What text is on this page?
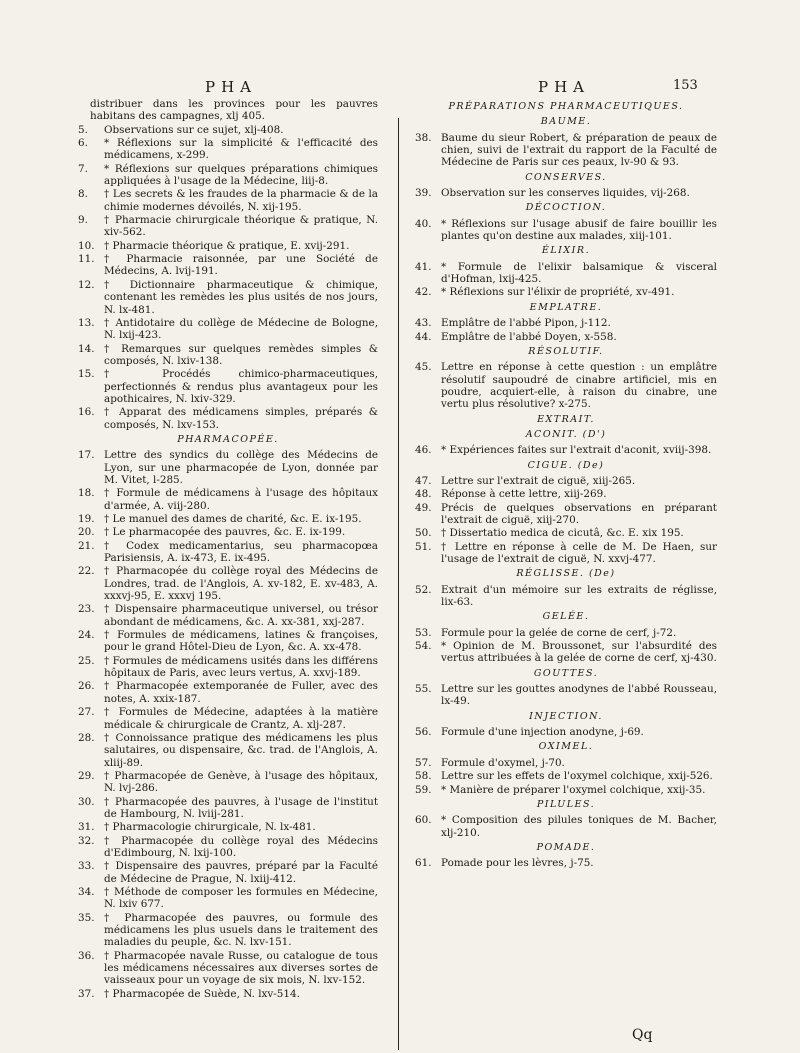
PHA	PHA	153
distribuer dans les provinces pour les pauvres habitans des campagnes, xlj 405.
5. Observations sur ce sujet, xlj-408.
6. * Réflexions sur la simplicité & l'efficacité des médicamens, x-299.
7. * Réflexions sur quelques préparations chimiques appliquées à l'usage de la Médecine, liij-8.
8. † Les secrets & les fraudes de la pharmacie & de la chimie modernes dévoilés, N. xij-195.
9. † Pharmacie chirurgicale théorique & pratique, N. xiv-562.
10. † Pharmacie théorique & pratique, E. xvij-291.
11. † Pharmacie raisonnée, par une Société de Médecins, A. lvij-191.
12. † Dictionnaire pharmaceutique & chimique, contenant les remèdes les plus usités de nos jours, N. lx-481.
13. † Antidotaire du collège de Médecine de Bologne, N. lxij-423.
14. † Remarques sur quelques remèdes simples & composés, N. lxiv-138.
15. † Procédés chimico-pharmaceutiques, perfectionnés & rendus plus avantageux pour les apothicaires, N. lxiv-329.
16. † Apparat des médicamens simples, préparés & composés, N. lxv-153.
PHARMACOPÉE.
17. Lettre des syndics du collège des Médecins de Lyon, sur une pharmacopée de Lyon, donnée par M. Vitet, l-285.
18. † Formule de médicamens à l'usage des hôpitaux d'armée, A. viij-280.
19. † Le manuel des dames de charité, &c. E. ix-195.
20. † Le pharmacopée des pauvres, &c. E. ix-199.
21. † Codex medicamentarius, seu pharmacopœa Parisiensis, A. ix-473, E. ix-495.
22. † Pharmacopée du collège royal des Médecins de Londres, trad. de l'Anglois, A. xv-182, E. xv-483, A. xxxvj-95, E. xxxvj 195.
23. † Dispensaire pharmaceutique universel, ou trésor abondant de médicamens, &c. A. xx-381, xxj-287.
24. † Formules de médicamens, latines & françoises, pour le grand Hôtel-Dieu de Lyon, &c. A. xx-478.
25. † Formules de médicamens usités dans les différens hôpitaux de Paris, avec leurs vertus, A. xxvj-189.
26. † Pharmacopée extemporanée de Fuller, avec des notes, A. xxix-187.
27. † Formules de Médecine, adaptées à la matière médicale & chirurgicale de Crantz, A. xlj-287.
28. † Connoissance pratique des médicamens les plus salutaires, ou dispensaire, &c. trad. de l'Anglois, A. xliij-89.
29. † Pharmacopée de Genève, à l'usage des hôpitaux, N. lvj-286.
30. † Pharmacopée des pauvres, à l'usage de l'institut de Hambourg, N. lviij-281.
31. † Pharmacologie chirurgicale, N. lx-481.
32. † Pharmacopée du collège royal des Médecins d'Edimbourg, N. lxij-100.
33. † Dispensaire des pauvres, préparé par la Faculté de Médecine de Prague, N. lxiij-412.
34. † Méthode de composer les formules en Médecine, N. lxiv 677.
35. † Pharmacopée des pauvres, ou formule des médicamens les plus usuels dans le traitement des maladies du peuple, &c. N. lxv-151.
36. † Pharmacopée navale Russe, ou catalogue de tous les médicamens nécessaires aux diverses sortes de vaisseaux pour un voyage de six mois, N. lxv-152.
37. † Pharmacopée de Suède, N. lxv-514.
PRÉPARATIONS PHARMACEUTIQUES.
BAUME.
38. Baume du sieur Robert, & préparation de peaux de chien, suivi de l'extrait du rapport de la Faculté de Médecine de Paris sur ces peaux, lv-90 & 93.
CONSERVES.
39. Observation sur les conserves liquides, vij-268.
DÉCOCTION.
40. * Réflexions sur l'usage abusif de faire bouillir les plantes qu'on destine aux malades, xiij-101.
ÉLIXIR.
41. * Formule de l'elixir balsamique & visceral d'Hofman, lxij-425.
42. * Réflexions sur l'élixir de propriété, xv-491.
EMPLATRE.
43. Emplâtre de l'abbé Pipon, j-112.
44. Emplâtre de l'abbé Doyen, x-558.
RÉSOLUTIF.
45. Lettre en réponse à cette question : un emplâtre résolutif saupoudré de cinabre artificiel, mis en poudre, acquiert-elle, à raison du cinabre, une vertu plus résolutive? x-275.
EXTRAIT.
ACONIT. (D')
46. * Expériences faites sur l'extrait d'aconit, xviij-398.
CIGUE. (De)
47. Lettre sur l'extrait de ciguë, xiij-265.
48. Réponse à cette lettre, xiij-269.
49. Précis de quelques observations en préparant l'extrait de ciguë, xiij-270.
50. † Dissertatio medica de cicutâ, &c. E. xix 195.
51. † Lettre en réponse à celle de M. De Haen, sur l'usage de l'extrait de ciguë, N. xxvj-477.
RÉGLISSE. (De)
52. Extrait d'un mémoire sur les extraits de réglisse, lix-63.
GELÉE.
53. Formule pour la gelée de corne de cerf, j-72.
54. * Opinion de M. Broussonet, sur l'absurdité des vertus attribuées à la gelée de corne de cerf, xj-430.
GOUTTES.
55. Lettre sur les gouttes anodynes de l'abbé Rousseau, lx-49.
INJECTION.
56. Formule d'une injection anodyne, j-69.
OXIMEL.
57. Formule d'oxymel, j-70.
58. Lettre sur les effets de l'oxymel colchique, xxij-526.
59. * Manière de préparer l'oxymel colchique, xxij-35.
PILULES.
60. * Composition des pilules toniques de M. Bacher, xlj-210.
POMADE.
61. Pomade pour les lèvres, j-75.
Qq
